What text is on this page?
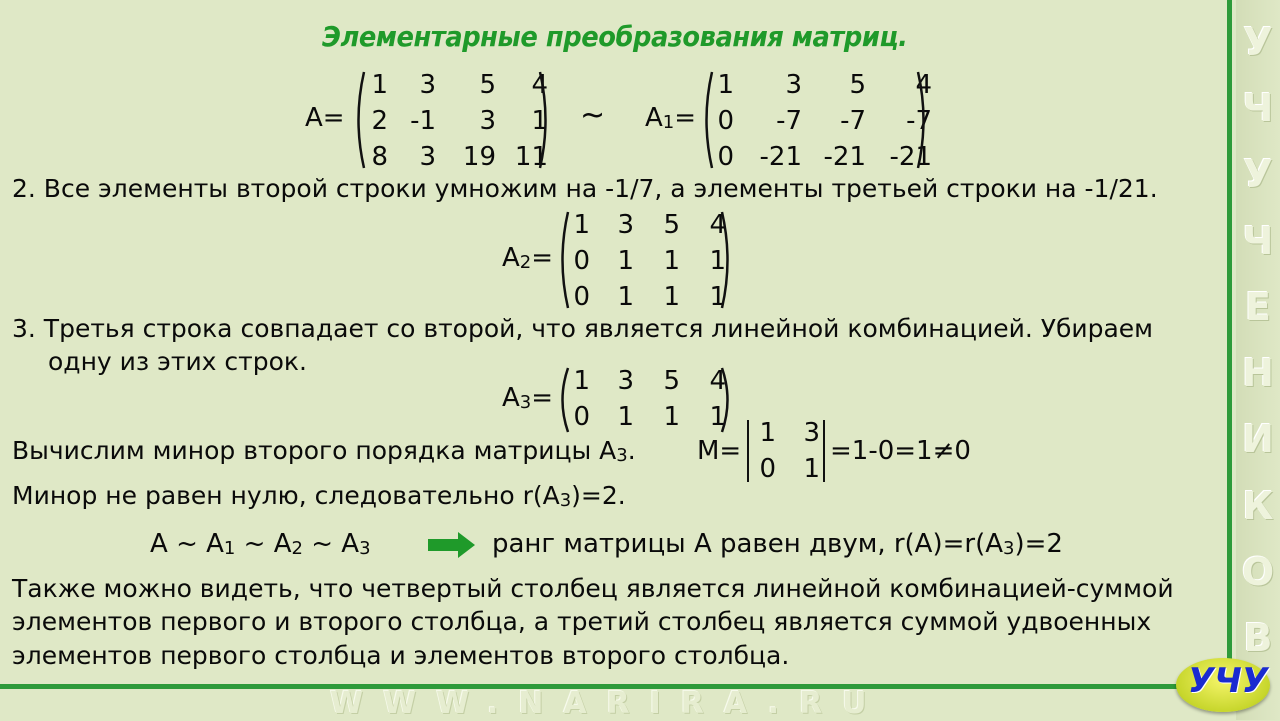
У
Ч
У
Ч
Е
Н
И
К
О
В
WWW.NARIRA.RU
Элементарные преобразования матриц.
A=
1	3	5	4
2 -1	3	1
8	3	19 11
~ A1=
1	3	5	4
0	-7	-7	-7
0 -21 -21 -21
2. Все элементы второй строки умножим на -1/7, а элементы третьей строки на -1/21.
A2=
1	3	5	4
0	1	1	1
0	1	1	1
3. Третья строка совпадает со второй, что является линейной комбинацией. Убираем
одну из этих строк.
A3=
1	3	5	4
0	1	1	1
Вычислим минор второго порядка матрицы A3. M=
1	3
0	1
=1-0=1≠0
Минор не равен нулю, следовательно r(A3)=2.
A ~ A1 ~ A2 ~ A3	ранг матрицы A равен двум, r(A)=r(A3)=2
Также можно видеть, что четвертый столбец является линейной комбинацией-суммой
элементов первого и второго столбца, а третий столбец является суммой удвоенных
элементов первого столбца и элементов второго столбца.
УЧУ
